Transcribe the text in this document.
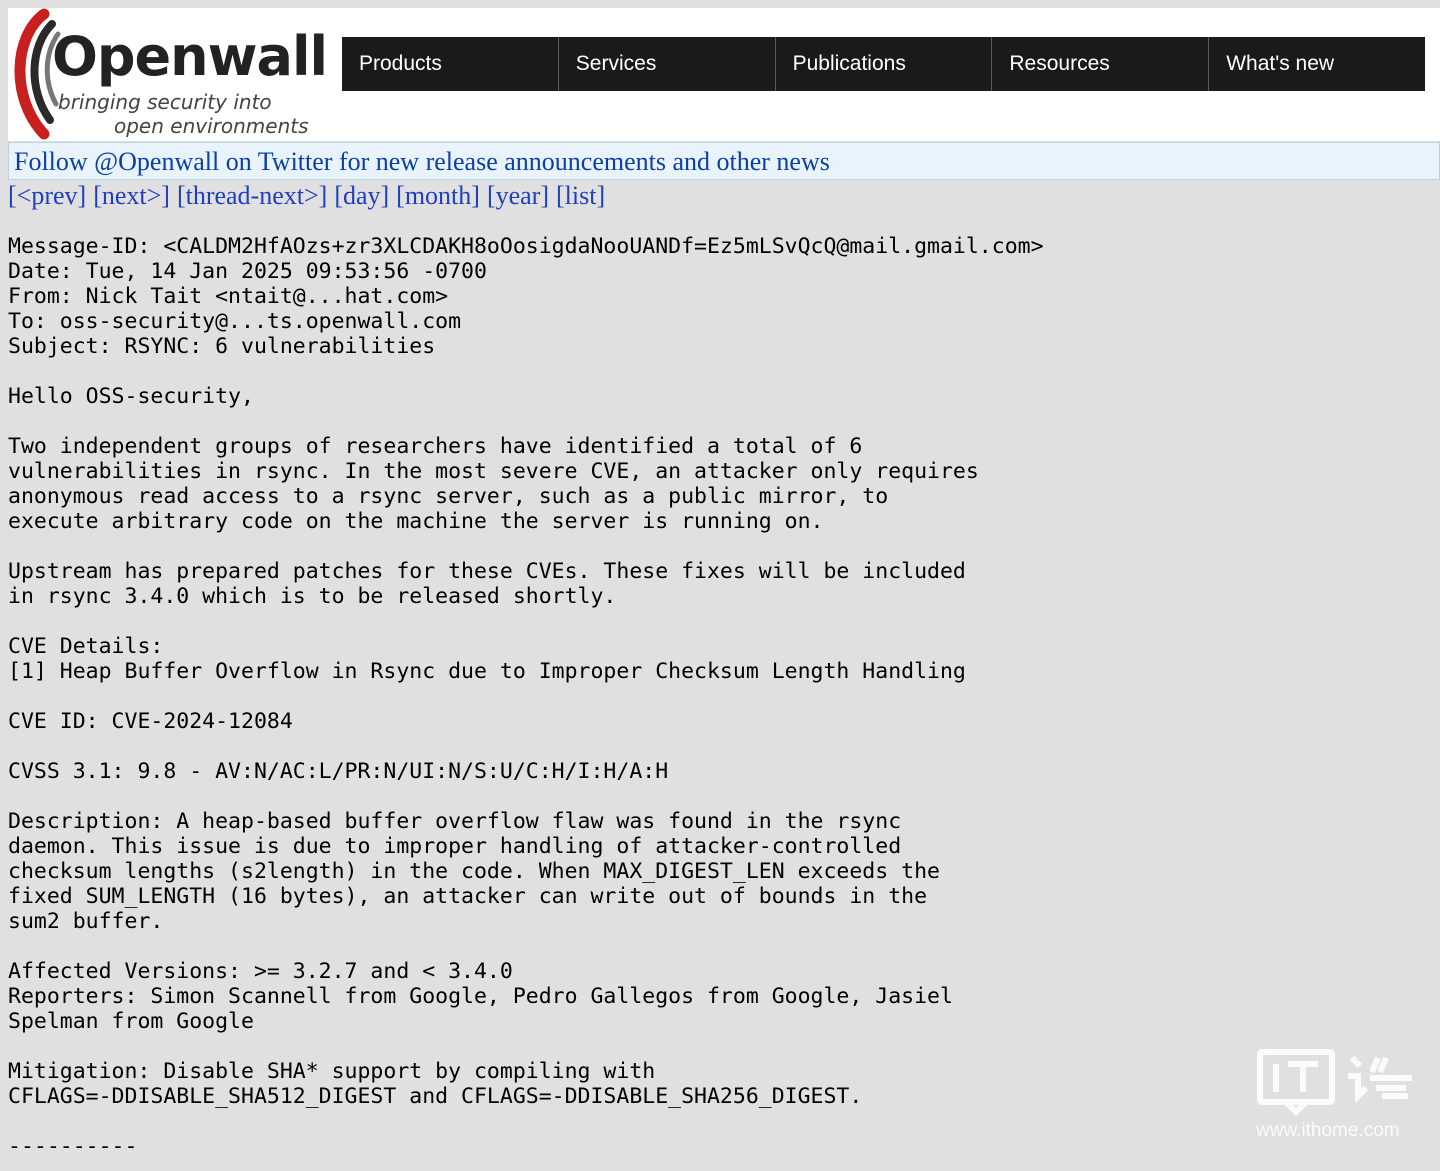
Openwall
bringing security into
open environments
Products	Services	Publications	Resources	What's new
Follow @Openwall on Twitter for new release announcements and other news
[<prev] [next>] [thread-next>] [day] [month] [year] [list]
Message-ID: <CALDM2HfAOzs+zr3XLCDAKH8oOosigdaNooUANDf=Ez5mLSvQcQ@mail.gmail.com>
Date: Tue, 14 Jan 2025 09:53:56 -0700
From: Nick Tait <ntait@...hat.com>
To: oss-security@...ts.openwall.com
Subject: RSYNC: 6 vulnerabilities

Hello OSS-security,

Two independent groups of researchers have identified a total of 6
vulnerabilities in rsync. In the most severe CVE, an attacker only requires
anonymous read access to a rsync server, such as a public mirror, to
execute arbitrary code on the machine the server is running on.

Upstream has prepared patches for these CVEs. These fixes will be included
in rsync 3.4.0 which is to be released shortly.

CVE Details:
[1] Heap Buffer Overflow in Rsync due to Improper Checksum Length Handling

CVE ID: CVE-2024-12084

CVSS 3.1: 9.8 - AV:N/AC:L/PR:N/UI:N/S:U/C:H/I:H/A:H

Description: A heap-based buffer overflow flaw was found in the rsync
daemon. This issue is due to improper handling of attacker-controlled
checksum lengths (s2length) in the code. When MAX_DIGEST_LEN exceeds the
fixed SUM_LENGTH (16 bytes), an attacker can write out of bounds in the
sum2 buffer.

Affected Versions: >= 3.2.7 and < 3.4.0
Reporters: Simon Scannell from Google, Pedro Gallegos from Google, Jasiel
Spelman from Google

Mitigation: Disable SHA* support by compiling with
CFLAGS=-DDISABLE_SHA512_DIGEST and CFLAGS=-DDISABLE_SHA256_DIGEST.

----------
www.ithome.com
